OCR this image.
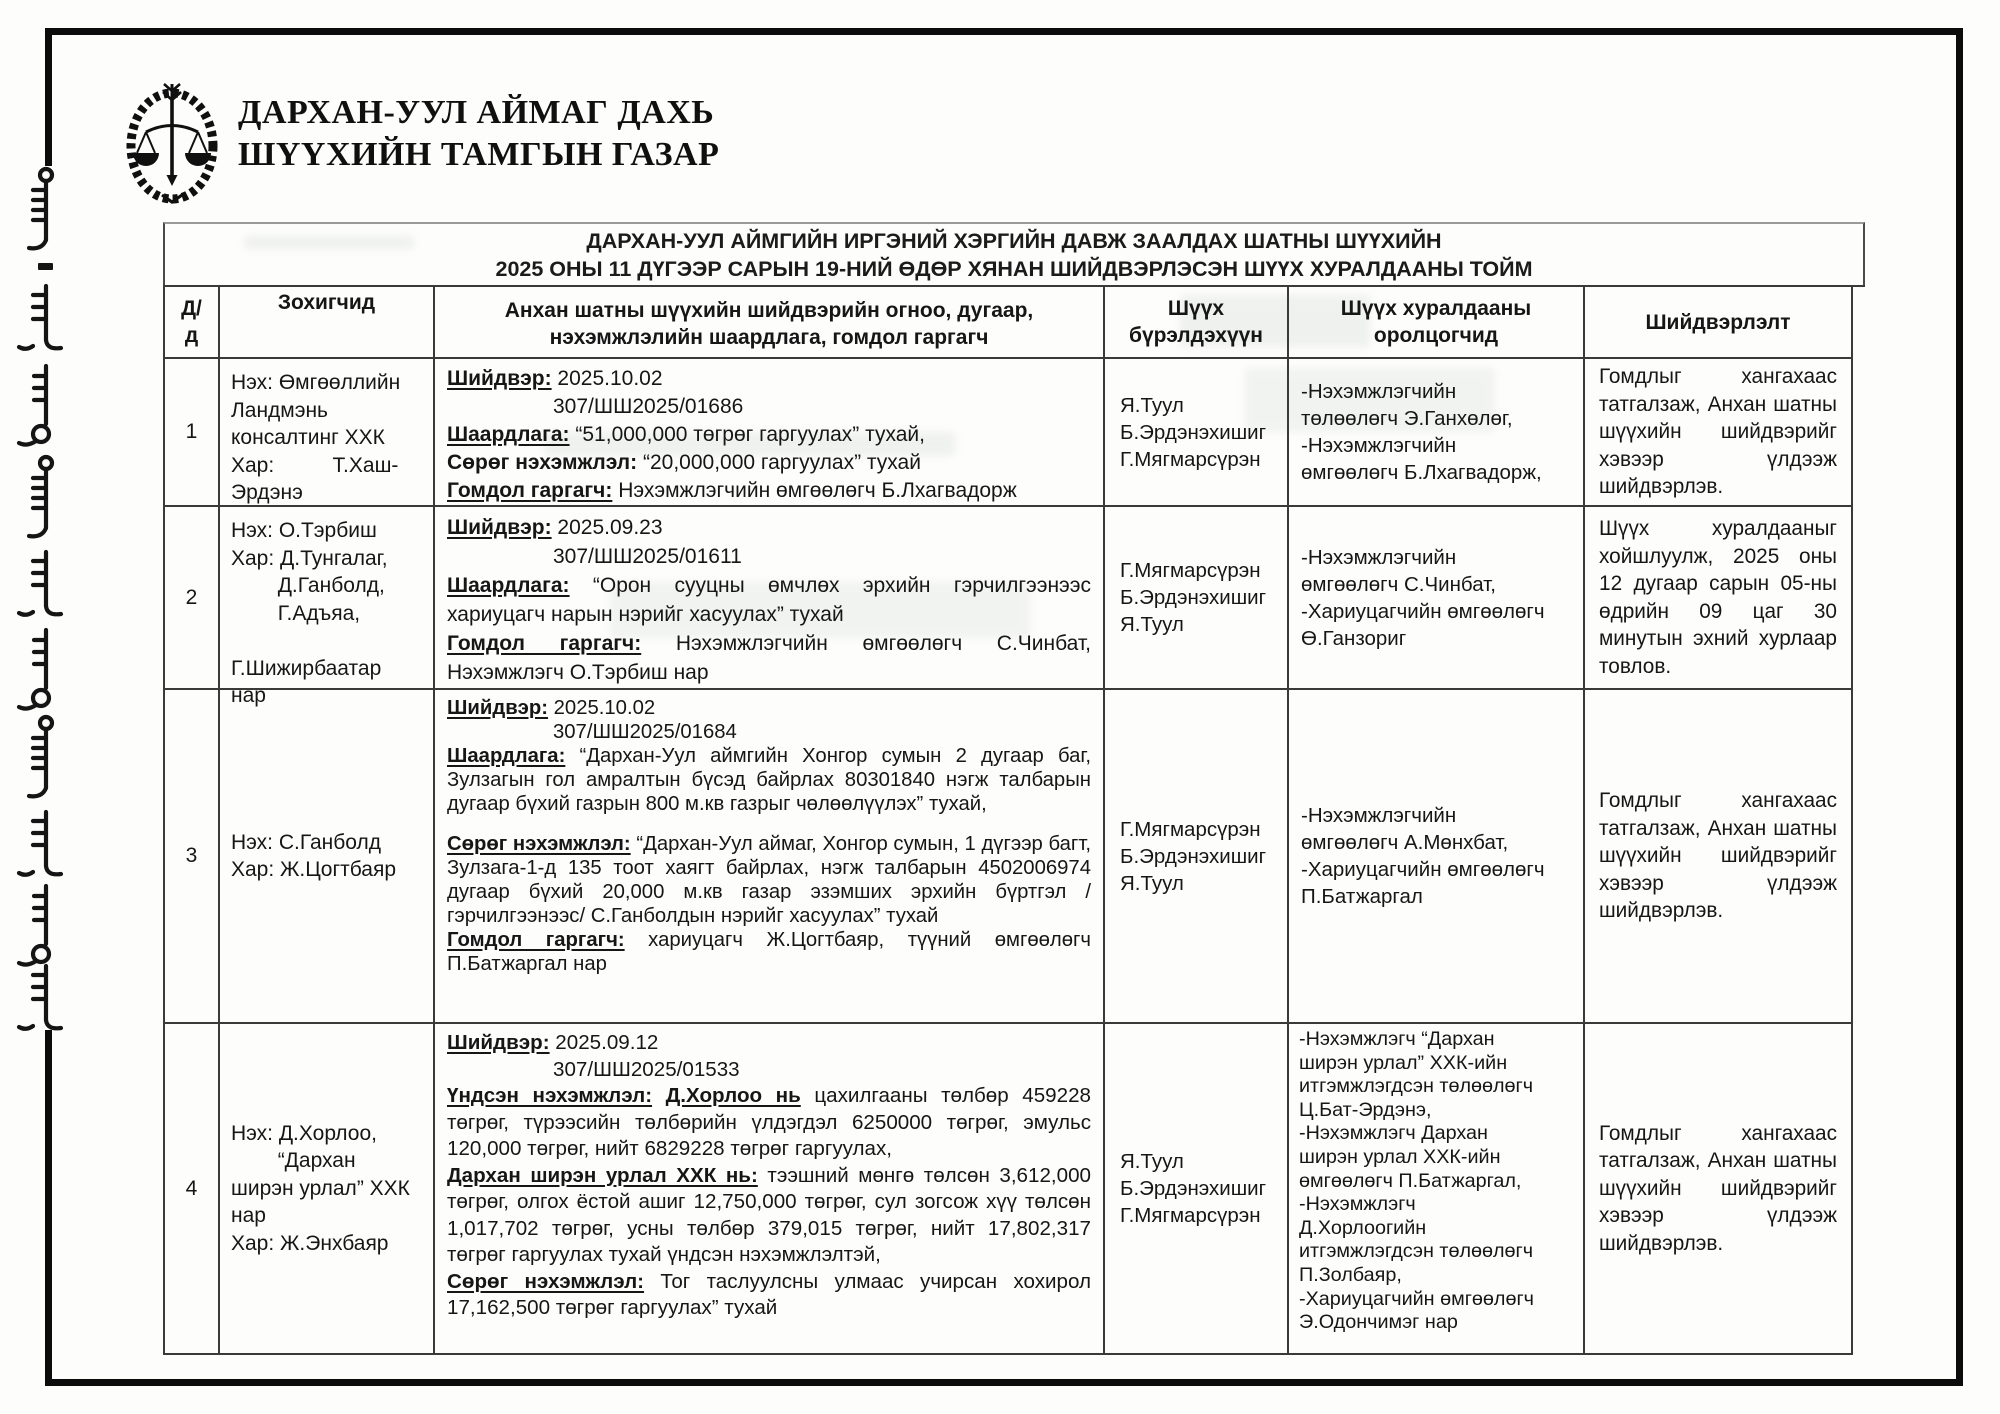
ДАРХАН-УУЛ АЙМАГ ДАХЬ
ШҮҮХИЙН ТАМГЫН ГАЗАР
ДАРХАН-УУЛ АЙМГИЙН ИРГЭНИЙ ХЭРГИЙН ДАВЖ ЗААЛДАХ ШАТНЫ ШҮҮХИЙН
2025 ОНЫ 11 ДҮГЭЭР САРЫН 19-НИЙ ӨДӨР ХЯНАН ШИЙДВЭРЛЭСЭН ШҮҮХ ХУРАЛДААНЫ ТОЙМ
Д/
д
Зохигчид	Анхан шатны шүүхийн шийдвэрийн огноо, дугаар,
нэхэмжлэлийн шаардлага, гомдол гаргагч
Шүүх
бүрэлдэхүүн
Шүүх хуралдааны
оролцогчид
Шийдвэрлэлт
1
Нэх: Өмгөөллийн
Ландмэнь
консалтинг ХХК
Хар:          Т.Хаш-
Эрдэнэ
Шийдвэр: 2025.10.02
307/ШШ2025/01686
Шаардлага: “51,000,000 төгрөг гаргуулах” тухай,
Сөрөг нэхэмжлэл: “20,000,000 гаргуулах” тухай
Гомдол гаргагч: Нэхэмжлэгчийн өмгөөлөгч Б.Лхагвадорж
Я.Туул
Б.Эрдэнэхишиг
Г.Мягмарсүрэн
-Нэхэмжлэгчийн
төлөөлөгч Э.Ганхөлөг,
-Нэхэмжлэгчийн
өмгөөлөгч Б.Лхагвадорж,
Гомдлыг хангахаас татгалзаж, Анхан шатны шүүхийн шийдвэрийг хэвээр үлдээж шийдвэрлэв.
2
Нэх: О.Тэрбиш
Хар: Д.Тунгалаг,
Д.Ганболд,
Г.Адъяа,

Г.Шижирбаатар
нар
Шийдвэр: 2025.09.23
307/ШШ2025/01611
Шаардлага: “Орон сууцны өмчлөх эрхийн гэрчилгээнээс хариуцагч нарын нэрийг хасуулах” тухай
Гомдол гаргагч: Нэхэмжлэгчийн өмгөөлөгч С.Чинбат, Нэхэмжлэгч О.Тэрбиш нар
Г.Мягмарсүрэн
Б.Эрдэнэхишиг
Я.Туул
-Нэхэмжлэгчийн
өмгөөлөгч С.Чинбат,
-Хариуцагчийн өмгөөлөгч
Ө.Ганзориг
Шүүх хуралдааныг хойшлуулж, 2025 оны 12 дугаар сарын 05-ны өдрийн 09 цаг 30 минутын эхний хурлаар товлов.
3
Нэх: С.Ганболд
Хар: Ж.Цогтбаяр
Шийдвэр: 2025.10.02
307/ШШ2025/01684
Шаардлага: “Дархан-Уул аймгийн Хонгор сумын 2 дугаар баг, Зулзагын гол амралтын бүсэд байрлах 80301840 нэгж талбарын дугаар бүхий газрын 800 м.кв газрыг чөлөөлүүлэх” тухай,
Сөрөг нэхэмжлэл: “Дархан-Уул аймаг, Хонгор сумын, 1 дүгээр багт, Зулзага-1-д 135 тоот хаягт байрлах, нэгж талбарын 4502006974 дугаар бүхий 20,000 м.кв газар эзэмших эрхийн бүртгэл /гэрчилгээнээс/ С.Ганболдын нэрийг хасуулах” тухай
Гомдол гаргагч: хариуцагч Ж.Цогтбаяр, түүний өмгөөлөгч П.Батжаргал нар
Г.Мягмарсүрэн
Б.Эрдэнэхишиг
Я.Туул
-Нэхэмжлэгчийн
өмгөөлөгч А.Мөнхбат,
-Хариуцагчийн өмгөөлөгч
П.Батжаргал
Гомдлыг хангахаас татгалзаж, Анхан шатны шүүхийн шийдвэрийг хэвээр үлдээж шийдвэрлэв.
4
Нэх: Д.Хорлоо,
“Дархан
ширэн урлал” ХХК
нар
Хар: Ж.Энхбаяр
Шийдвэр: 2025.09.12
307/ШШ2025/01533
Үндсэн нэхэмжлэл: Д.Хорлоо нь цахилгааны төлбөр 459228 төгрөг, түрээсийн төлбөрийн үлдэгдэл 6250000 төгрөг, эмульс 120,000 төгрөг, нийт 6829228 төгрөг гаргуулах,
Дархан ширэн урлал ХХК нь: тээшний мөнгө төлсөн 3,612,000 төгрөг, олгох ёстой ашиг 12,750,000 төгрөг, сул зогсож хүү төлсөн 1,017,702 төгрөг, усны төлбөр 379,015 төгрөг, нийт 17,802,317 төгрөг гаргуулах тухай үндсэн нэхэмжлэлтэй,
Сөрөг нэхэмжлэл: Тог таслуулсны улмаас учирсан хохирол 17,162,500 төгрөг гаргуулах” тухай
Я.Туул
Б.Эрдэнэхишиг
Г.Мягмарсүрэн
-Нэхэмжлэгч “Дархан
ширэн урлал” ХХК-ийн
итгэмжлэгдсэн төлөөлөгч
Ц.Бат-Эрдэнэ,
-Нэхэмжлэгч Дархан
ширэн урлал ХХК-ийн
өмгөөлөгч П.Батжаргал,
-Нэхэмжлэгч
Д.Хорлоогийн
итгэмжлэгдсэн төлөөлөгч
П.Золбаяр,
-Хариуцагчийн өмгөөлөгч
Э.Одончимэг нар
Гомдлыг хангахаас татгалзаж, Анхан шатны шүүхийн шийдвэрийг хэвээр үлдээж шийдвэрлэв.
